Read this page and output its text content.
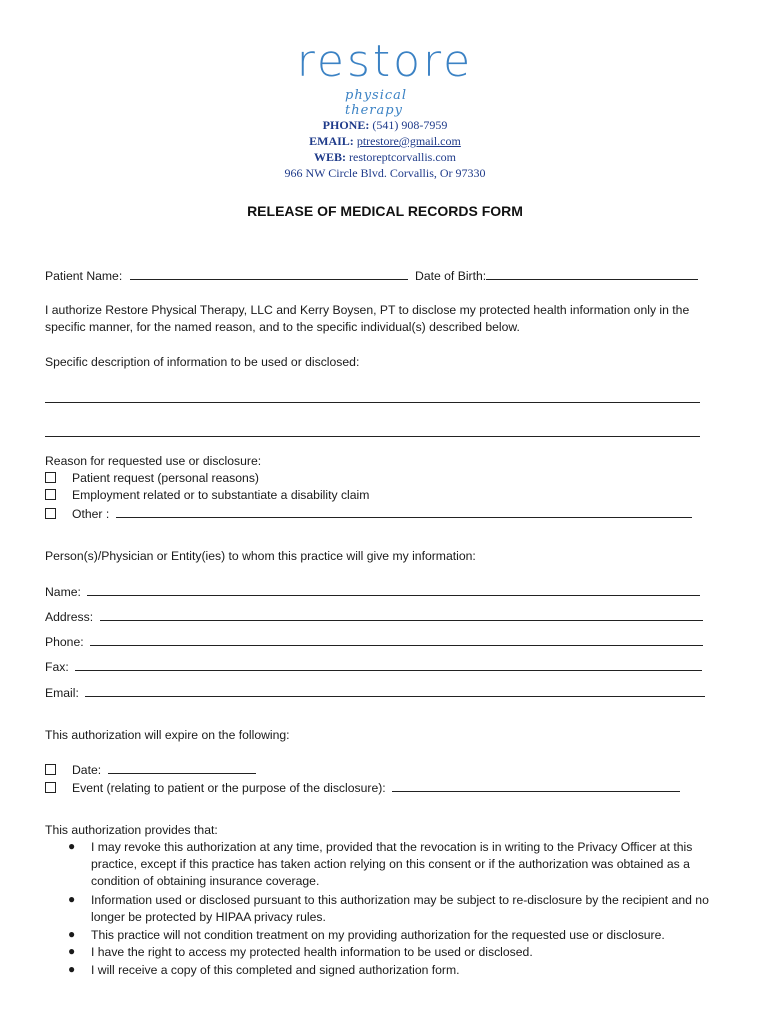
restore
physical therapy
PHONE: (541) 908-7959
EMAIL: ptrestore@gmail.com
WEB: restoreptcorvallis.com
966 NW Circle Blvd. Corvallis, Or 97330
RELEASE OF MEDICAL RECORDS FORM
Patient Name:	Date of Birth:
I authorize Restore Physical Therapy, LLC and Kerry Boysen, PT to disclose my protected health information only in the specific manner, for the named reason, and to the specific individual(s) described below.
Specific description of information to be used or disclosed:
Reason for requested use or disclosure:
Patient request (personal reasons)
Employment related or to substantiate a disability claim
Other :
Person(s)/Physician or Entity(ies) to whom this practice will give my information:
Name:
Address:
Phone:
Fax:
Email:
This authorization will expire on the following:
Date:
Event (relating to patient or the purpose of the disclosure):
This authorization provides that:
● I may revoke this authorization at any time, provided that the revocation is in writing to the Privacy Officer at this practice, except if this practice has taken action relying on this consent or if the authorization was obtained as a condition of obtaining insurance coverage.
● Information used or disclosed pursuant to this authorization may be subject to re-disclosure by the recipient and no longer be protected by HIPAA privacy rules.
● This practice will not condition treatment on my providing authorization for the requested use or disclosure.
● I have the right to access my protected health information to be used or disclosed.
● I will receive a copy of this completed and signed authorization form.
